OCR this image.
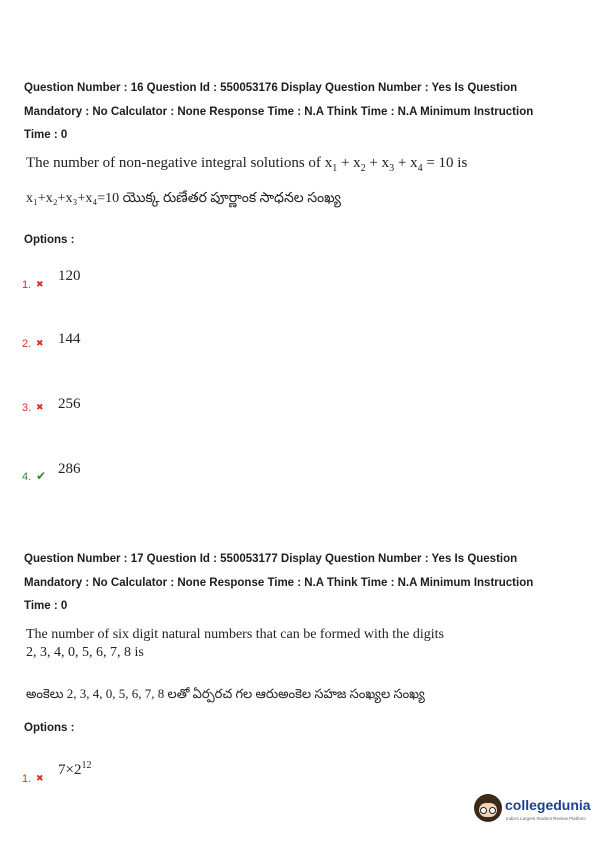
Question Number : 16 Question Id : 550053176 Display Question Number : Yes Is Question
Mandatory : No Calculator : None Response Time : N.A Think Time : N.A Minimum Instruction
Time : 0
The number of non-negative integral solutions of $x_1 + x_2 + x_3 + x_4 = 10$ is
x₁+x₂+x₃+x₄=10 యొక్క రుణేతర పూర్ణాంక సాధనల సంఖ్య
Options :
1. ✖
120
2. ✖ 144
3. ✖ 256
4. ✔ 286
Question Number : 17 Question Id : 550053177 Display Question Number : Yes Is Question
Mandatory : No Calculator : None Response Time : N.A Think Time : N.A Minimum Instruction
Time : 0
The number of six digit natural numbers that can be formed with the digits
2, 3, 4, 0, 5, 6, 7, 8 is
అంకెలు 2, 3, 4, 0, 5, 6, 7, 8 లతో ఏర్పరచ గల ఆరుఅంకెల సహజ సంఖ్యల సంఖ్య
Options :
1. ✖
$7\times 2^{12}$
collegedunia
India's Largest Student Review Platform
